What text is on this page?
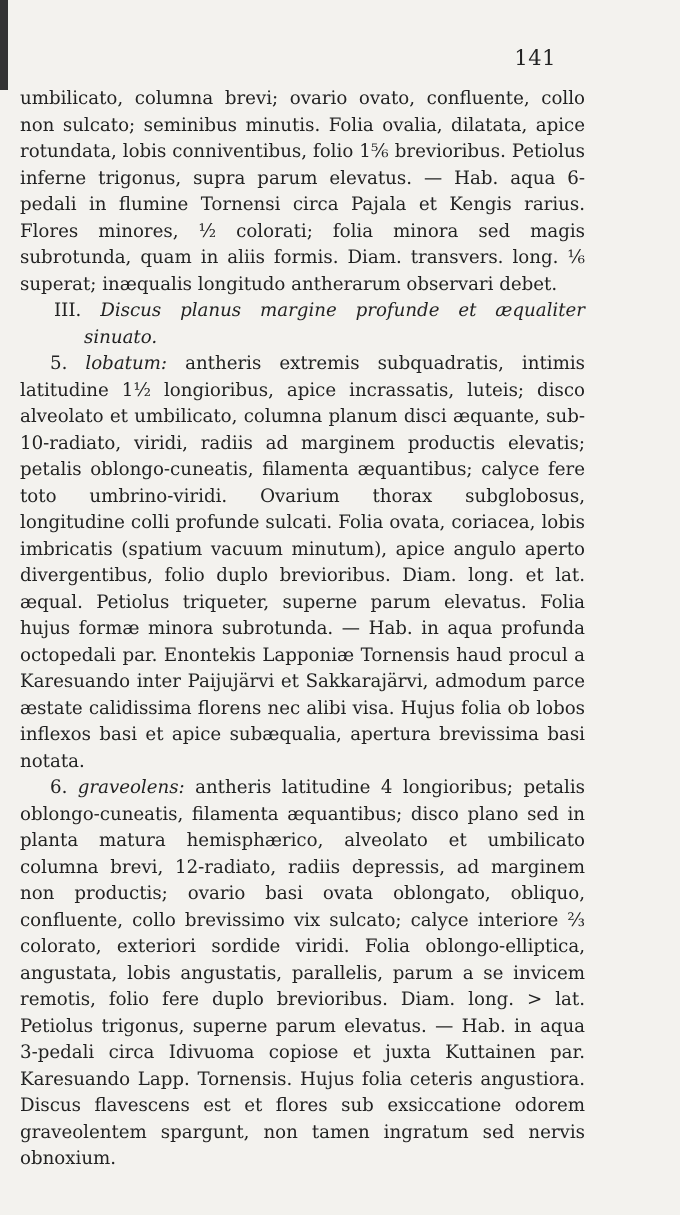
141

umbilicato, columna brevi; ovario ovato, confluente, collo non sulcato; seminibus minutis. Folia ovalia, dilatata, apice rotundata, lobis conniventibus, folio 1⅚ brevioribus. Petiolus inferne trigonus, supra parum elevatus. — Hab. aqua 6-pedali in flumine Tornensi circa Pajala et Kengis rarius. Flores minores, ½ colorati; folia minora sed magis subrotunda, quam in aliis formis. Diam. transvers. long. ⅙ superat; inæqualis longitudo antherarum observari debet.

III. Discus planus margine profunde et æqualiter sinuato.

5. lobatum: antheris extremis subquadratis, intimis latitudine 1½ longioribus, apice incrassatis, luteis; disco alveolato et umbilicato, columna planum disci æquante, sub-10-radiato, viridi, radiis ad marginem productis elevatis; petalis oblongo-cuneatis, filamenta æquantibus; calyce fere toto umbrino-viridi. Ovarium thorax subglobosus, longitudine colli profunde sulcati. Folia ovata, coriacea, lobis imbricatis (spatium vacuum minutum), apice angulo aperto divergentibus, folio duplo brevioribus. Diam. long. et lat. æqual. Petiolus triqueter, superne parum elevatus. Folia hujus formæ minora subrotunda. — Hab. in aqua profunda octopedali par. Enontekis Lapponiæ Tornensis haud procul a Karesuando inter Paijujärvi et Sakkarajärvi, admodum parce æstate calidissima florens nec alibi visa. Hujus folia ob lobos inflexos basi et apice subæqualia, apertura brevissima basi notata.

6. graveolens: antheris latitudine 4 longioribus; petalis oblongo-cuneatis, filamenta æquantibus; disco plano sed in planta matura hemisphærico, alveolato et umbilicato columna brevi, 12-radiato, radiis depressis, ad marginem non productis; ovario basi ovata oblongato, obliquo, confluente, collo brevissimo vix sulcato; calyce interiore ⅔ colorato, exteriori sordide viridi. Folia oblongo-elliptica, angustata, lobis angustatis, parallelis, parum a se invicem remotis, folio fere duplo brevioribus. Diam. long. > lat. Petiolus trigonus, superne parum elevatus. — Hab. in aqua 3-pedali circa Idivuoma copiose et juxta Kuttainen par. Karesuando Lapp. Tornensis. Hujus folia ceteris angustiora. Discus flavescens est et flores sub exsiccatione odorem graveolentem spargunt, non tamen ingratum sed nervis obnoxium.
